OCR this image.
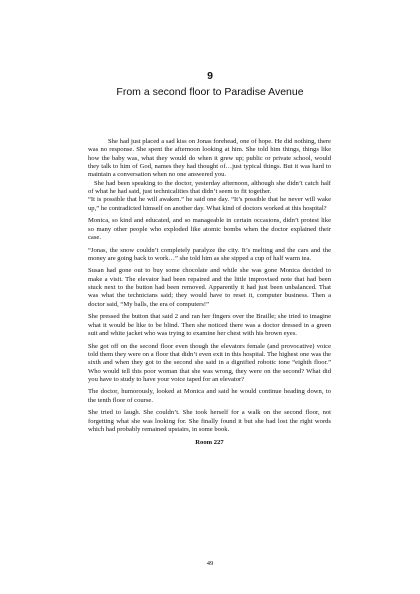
9
From a second floor to Paradise Avenue

She had just placed a sad kiss on Jonas forehead, one of hope. He did nothing, there was no response. She spent the afternoon looking at him. She told him things, things like how the baby was, what they would do when it grew up; public or private school, would they talk to him of God, names they had thought of…just typical things. But it was hard to maintain a conversation when no one answered you.

She had been speaking to the doctor, yesterday afternoon, although she didn’t catch half of what he had said, just technicalities that didn’t seem to fit together.

“It is possible that he will awaken.” he said one day. “It’s possible that he never will wake up,” he contradicted himself on another day. What kind of doctors worked at this hospital?

Monica, so kind and educated, and so manageable in certain occasions, didn’t protest like so many other people who exploded like atomic bombs when the doctor explained their case.

“Jonas, the snow couldn’t completely paralyze the city. It’s melting and the cars and the money are going back to work…” she told him as she sipped a cup of half warm tea.

Susan had gone out to buy some chocolate and while she was gone Monica decided to make a visit. The elevator had been repaired and the little improvised note that had been stuck next to the button had been removed. Apparently it had just been unbalanced. That was what the technicians said; they would have to reset it, computer business. Then a doctor said, “My balls, the era of computers!”

She pressed the button that said 2 and ran her fingers over the Braille; she tried to imagine what it would be like to be blind. Then she noticed there was a doctor dressed in a green suit and white jacket who was trying to examine her chest with his brown eyes.

She got off on the second floor even though the elevators female (and provocative) voice told them they were on a floor that didn’t even exit in this hospital. The highest one was the sixth and when they got to the second she said in a dignified robotic tone “eighth floor.” Who would tell this poor woman that she was wrong, they were on the second? What did you have to study to have your voice taped for an elevator?

The doctor, humorously, looked at Monica and said he would continue heading down, to the tenth floor of course.

She tried to laugh. She couldn’t. She took herself for a walk on the second floor, not forgetting what she was looking for. She finally found it but she had lost the right words which had probably remained upstairs, in some book.

Room 227
49
